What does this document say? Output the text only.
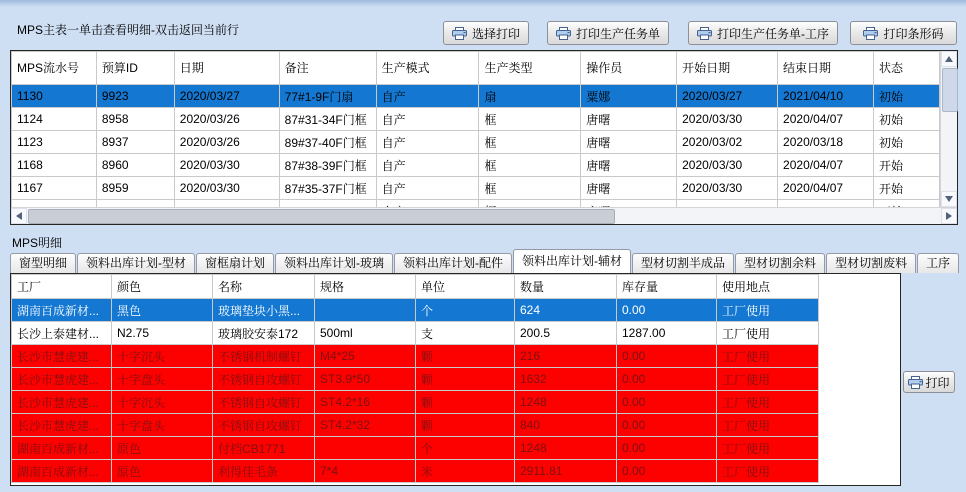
MPS主表一单击查看明细-双击返回当前行	选择打印	打印生产任务单	打印生产任务单-工序	打印条形码
MPS流水号	预算ID	日期	备注	生产模式	生产类型	操作员	开始日期	结束日期	状态
1130	9923	2020/03/27	77#1-9F门扇	自产	扇	粟娜	2020/03/27	2021/04/10	初始
1124	8958	2020/03/26	87#31-34F门框	自产	框	唐曙	2020/03/30	2020/04/07	初始
1123	8937	2020/03/26	89#37-40F门框	自产	框	唐曙	2020/03/02	2020/03/18	初始
1168	8960	2020/03/30	87#38-39F门框	自产	框	唐曙	2020/03/30	2020/04/07	开始
1167	8959	2020/03/30	87#35-37F门框	自产	框	唐曙	2020/03/30	2020/04/07	开始

MPS明细
窗型明细	领料出库计划-型材	窗框扇计划	领料出库计划-玻璃	领料出库计划-配件	领料出库计划-辅材	型材切割半成品	型材切割余料	型材切割废料	工序
工厂	颜色	名称	规格	单位	数量	库存量	使用地点
湖南百成新材...	黑色	玻璃垫块小黑...		个	624	0.00	工厂使用
长沙上泰建材...	N2.75	玻璃胶安泰172	500ml	支	200.5	1287.00	工厂使用
长沙市慧虎建...	十字沉头	不锈钢机制螺钉	M4*25	颗	216	0.00	工厂使用
长沙市慧虎建...	十字盘头	不锈钢自攻螺钉	ST3.9*50	颗	1632	0.00	工厂使用
长沙市慧虎建...	十字沉头	不锈钢自攻螺钉	ST4.2*16	颗	1248	0.00	工厂使用
长沙市慧虎建...	十字盘头	不锈钢自攻螺钉	ST4.2*32	颗	840	0.00	工厂使用
湖南百成新材...	原色	付档CB1771		个	1248	0.00	工厂使用
湖南百成新材...	原色	利得佳毛条	7*4	米	2911.81	0.00	工厂使用
打印
